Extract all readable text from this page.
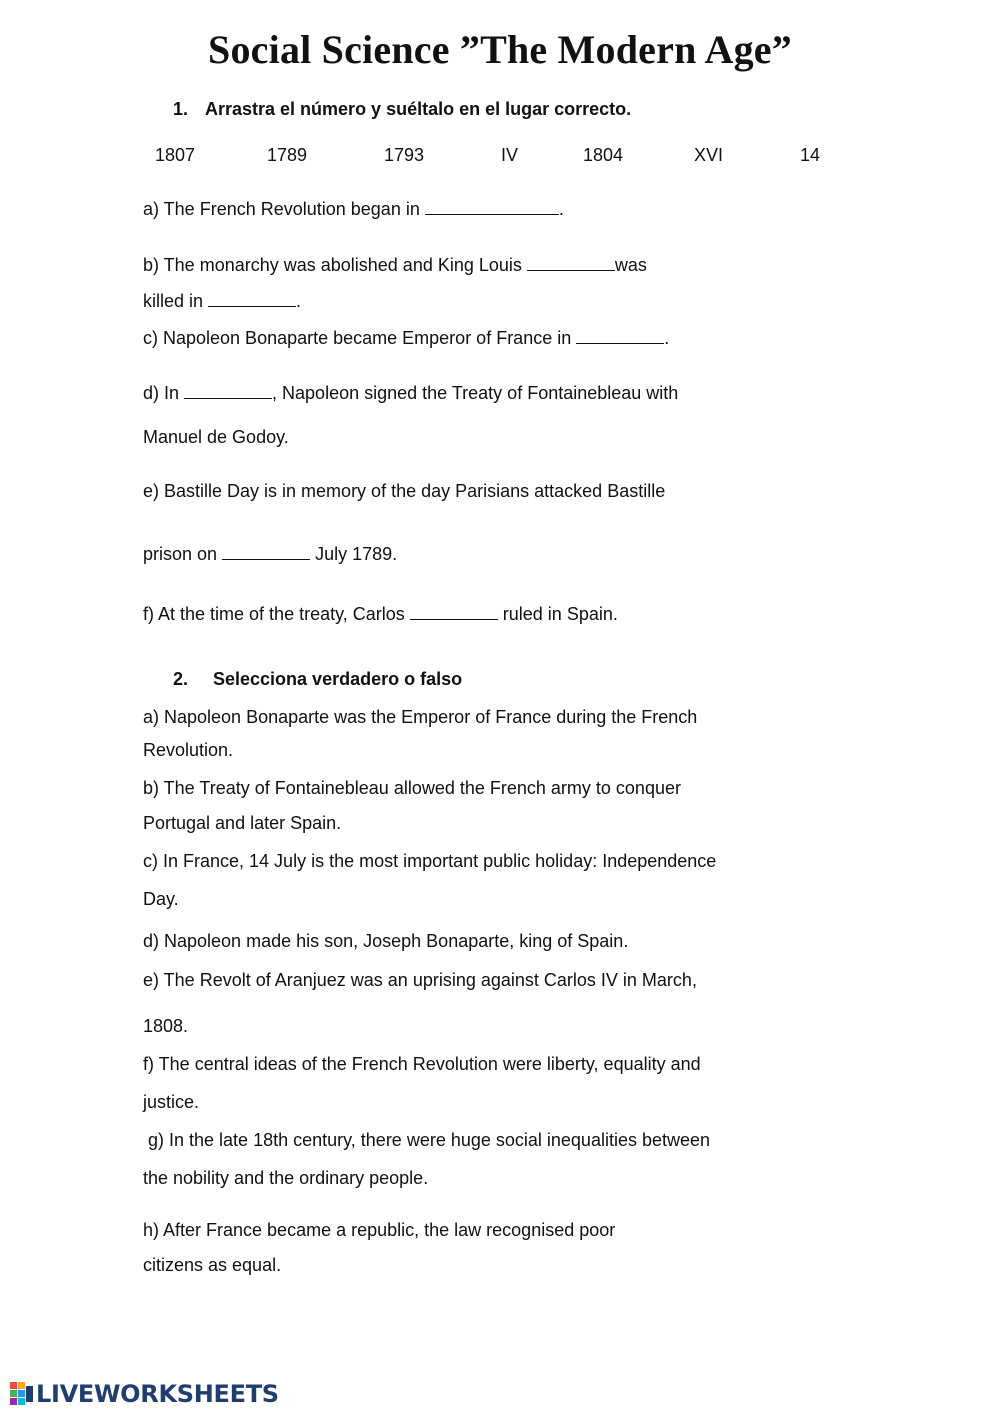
Social Science ”The Modern Age”
1. Arrastra el número y suéltalo en el lugar correcto.
1807	1789	1793	IV	1804	XVI	14
a) The French Revolution began in	.
b) The monarchy was abolished and King Louis	was
killed in	.
c) Napoleon Bonaparte became Emperor of France in	.
d) In	, Napoleon signed the Treaty of Fontainebleau with
Manuel de Godoy.
e) Bastille Day is in memory of the day Parisians attacked Bastille
prison on	July 1789.
f) At the time of the treaty, Carlos	ruled in Spain.
2. Selecciona verdadero o falso
a) Napoleon Bonaparte was the Emperor of France during the French
Revolution.
b) The Treaty of Fontainebleau allowed the French army to conquer
Portugal and later Spain.
c) In France, 14 July is the most important public holiday: Independence
Day.
d) Napoleon made his son, Joseph Bonaparte, king of Spain.
e) The Revolt of Aranjuez was an uprising against Carlos IV in March,
1808.
f) The central ideas of the French Revolution were liberty, equality and
justice.
g) In the late 18th century, there were huge social inequalities between
the nobility and the ordinary people.
h) After France became a republic, the law recognised poor
citizens as equal.
LIVEWORKSHEETS
